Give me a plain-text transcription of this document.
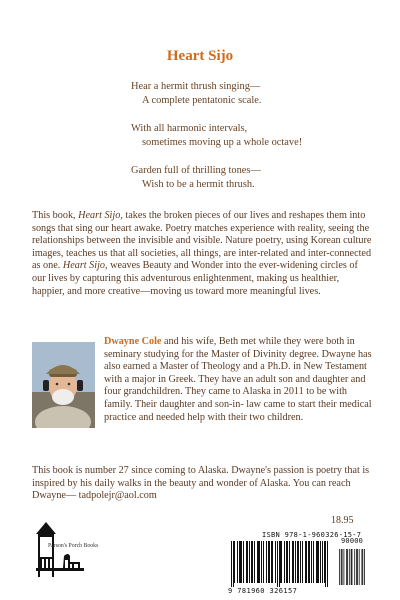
Heart Sijo
Hear a hermit thrush singing—
A complete pentatonic scale.
With all harmonic intervals,
sometimes moving up a whole octave!
Garden full of thrilling tones—
Wish to be a hermit thrush.

This book, Heart Sijo, takes the broken pieces of our lives and reshapes them into songs that sing our heart awake. Poetry matches experience with reality, seeing the relationships between the invisible and visible. Nature poetry, using Korean culture images, teaches us that all societies, all things, are inter-related and inter-connected as one. Heart Sijo, weaves Beauty and Wonder into the ever-widening circles of our lives by capturing this adventurous enlightenment, making us healthier, happier, and more creative—moving us toward more meaningful lives.

Dwayne Cole and his wife, Beth met while they were both in seminary studying for the Master of Divinity degree. Dwayne has also earned a Master of Theology and a Ph.D. in New Testament with a major in Greek. They have an adult son and daughter and four grandchildren. They came to Alaska in 2011 to be with family. Their daughter and son-in- law came to start their medical practice and needed help with their two children.

This book is number 27 since coming to Alaska. Dwayne's passion is poetry that is inspired by his daily walks in the beauty and wonder of Alaska. You can reach Dwayne— tadpolejr@aol.com

18.95
Parson's Porch Books
ISBN 978-1-960326-15-7
90000
9 781960 326157
